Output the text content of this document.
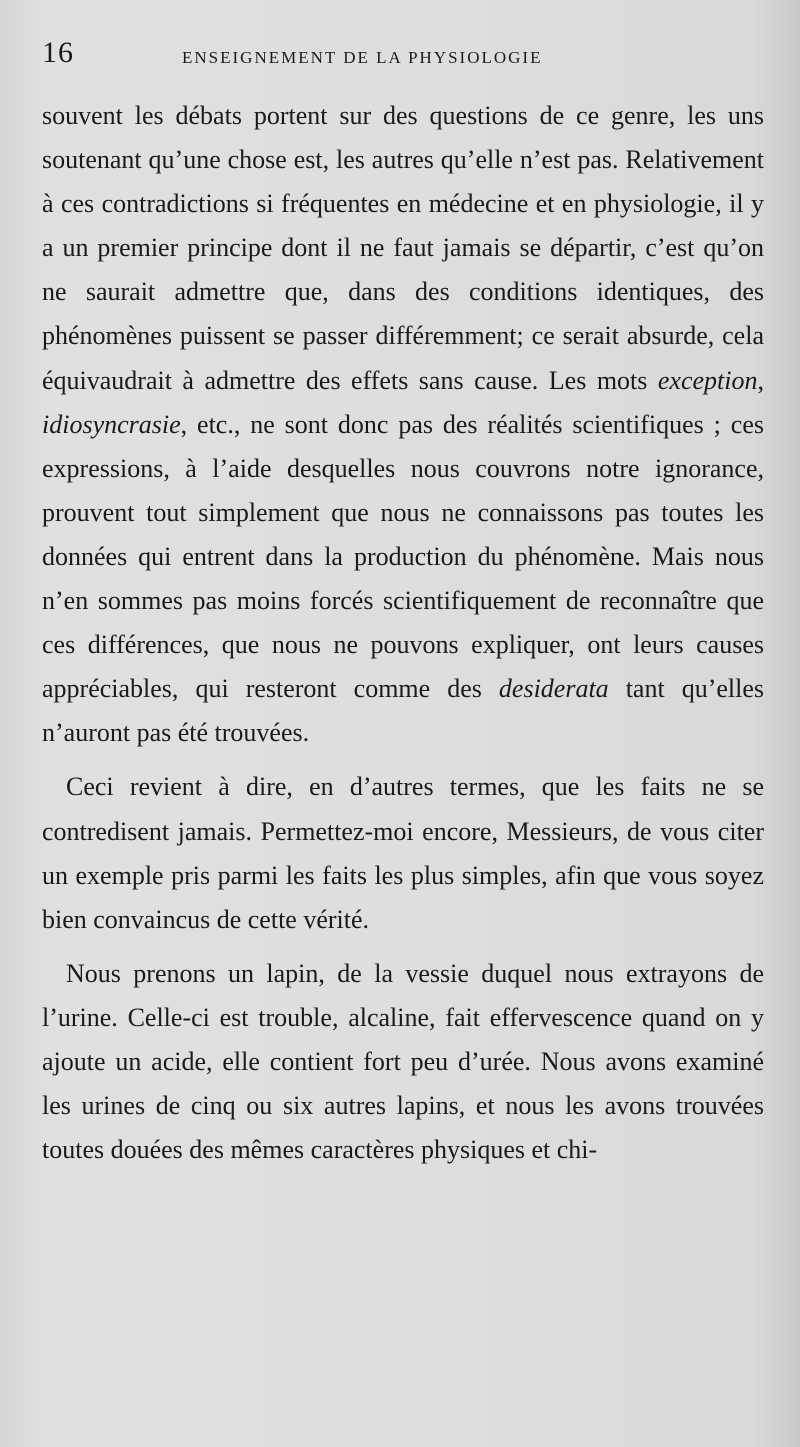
16	ENSEIGNEMENT DE LA PHYSIOLOGIE

souvent les débats portent sur des questions de ce genre, les uns soutenant qu’une chose est, les autres qu’elle n’est pas. Relativement à ces contradictions si fréquentes en médecine et en physiologie, il y a un premier principe dont il ne faut jamais se départir, c’est qu’on ne saurait admettre que, dans des conditions identiques, des phénomènes puissent se passer différemment; ce serait absurde, cela équivaudrait à admettre des effets sans cause. Les mots exception, idiosyncrasie, etc., ne sont donc pas des réalités scientifiques ; ces expressions, à l’aide desquelles nous couvrons notre ignorance, prouvent tout simplement que nous ne connaissons pas toutes les données qui entrent dans la production du phénomène. Mais nous n’en sommes pas moins forcés scientifiquement de reconnaître que ces différences, que nous ne pouvons expliquer, ont leurs causes appréciables, qui resteront comme des desiderata tant qu’elles n’auront pas été trouvées.

Ceci revient à dire, en d’autres termes, que les faits ne se contredisent jamais. Permettez-moi encore, Messieurs, de vous citer un exemple pris parmi les faits les plus simples, afin que vous soyez bien convaincus de cette vérité.

Nous prenons un lapin, de la vessie duquel nous extrayons de l’urine. Celle-ci est trouble, alcaline, fait effervescence quand on y ajoute un acide, elle contient fort peu d’urée. Nous avons examiné les urines de cinq ou six autres lapins, et nous les avons trouvées toutes douées des mêmes caractères physiques et chi-
